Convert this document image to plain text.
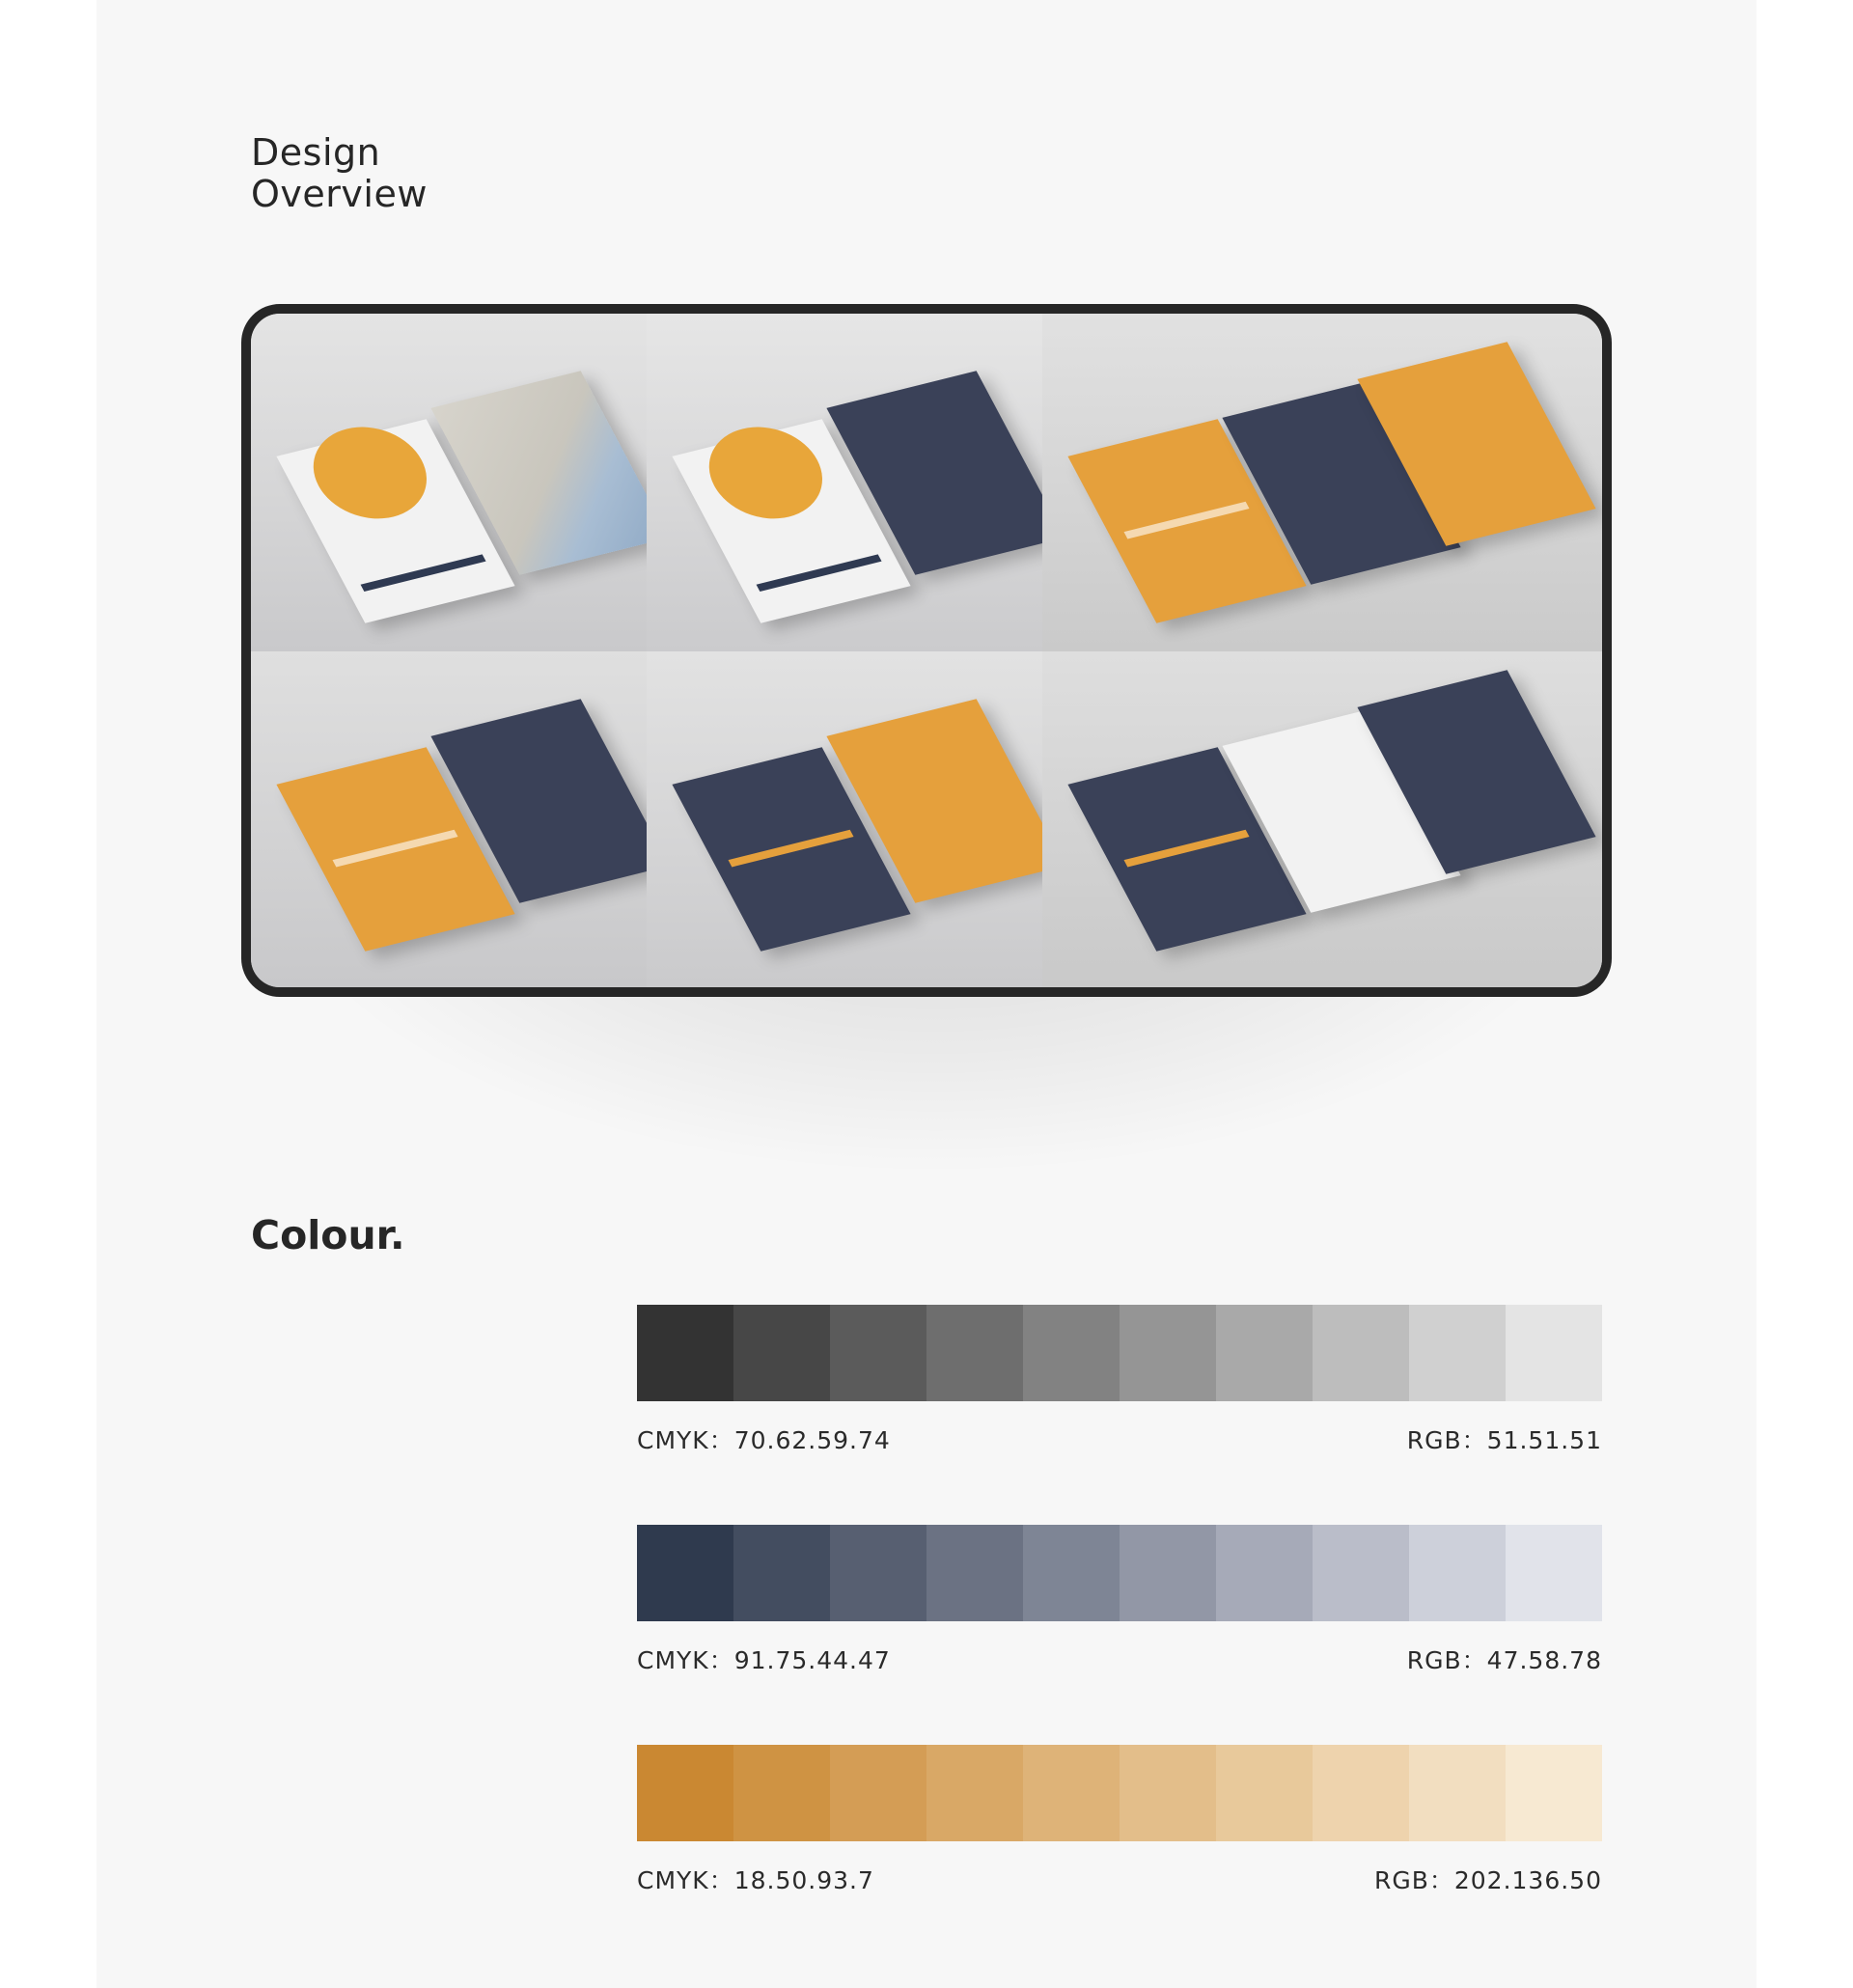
Design
Overview
Colour.
CMYK：70.62.59.74	RGB：51.51.51
CMYK：91.75.44.47	RGB：47.58.78
CMYK：18.50.93.7	RGB：202.136.50
